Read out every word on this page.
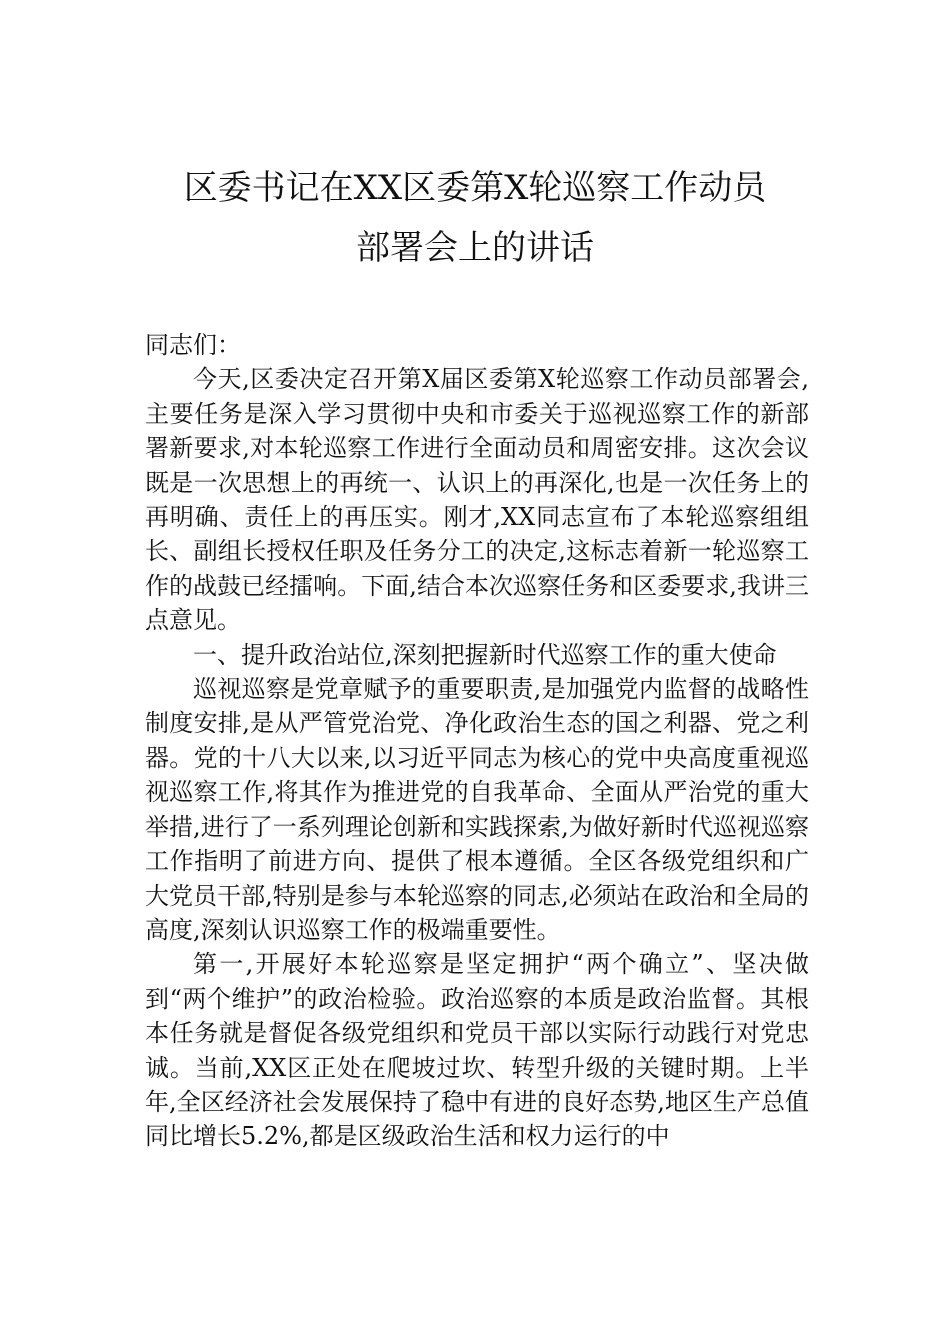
区委书记在XX区委第X轮巡察工作动员
部署会上的讲话

同志们：

今天,区委决定召开第X届区委第X轮巡察工作动员部署会,主要任务是深入学习贯彻中央和市委关于巡视巡察工作的新部署新要求,对本轮巡察工作进行全面动员和周密安排。这次会议既是一次思想上的再统一、认识上的再深化,也是一次任务上的再明确、责任上的再压实。刚才,XX同志宣布了本轮巡察组组长、副组长授权任职及任务分工的决定,这标志着新一轮巡察工作的战鼓已经擂响。下面,结合本次巡察任务和区委要求,我讲三点意见。

一、提升政治站位,深刻把握新时代巡察工作的重大使命

巡视巡察是党章赋予的重要职责,是加强党内监督的战略性制度安排,是从严管党治党、净化政治生态的国之利器、党之利器。党的十八大以来,以习近平同志为核心的党中央高度重视巡视巡察工作,将其作为推进党的自我革命、全面从严治党的重大举措,进行了一系列理论创新和实践探索,为做好新时代巡视巡察工作指明了前进方向、提供了根本遵循。全区各级党组织和广大党员干部,特别是参与本轮巡察的同志,必须站在政治和全局的高度,深刻认识巡察工作的极端重要性。

第一,开展好本轮巡察是坚定拥护“两个确立”、坚决做到“两个维护”的政治检验。政治巡察的本质是政治监督。其根本任务就是督促各级党组织和党员干部以实际行动践行对党忠诚。当前,XX区正处在爬坡过坎、转型升级的关键时期。上半年,全区经济社会发展保持了稳中有进的良好态势,地区生产总值同比增长5.2%,都是区级政治生活和权力运行的中
